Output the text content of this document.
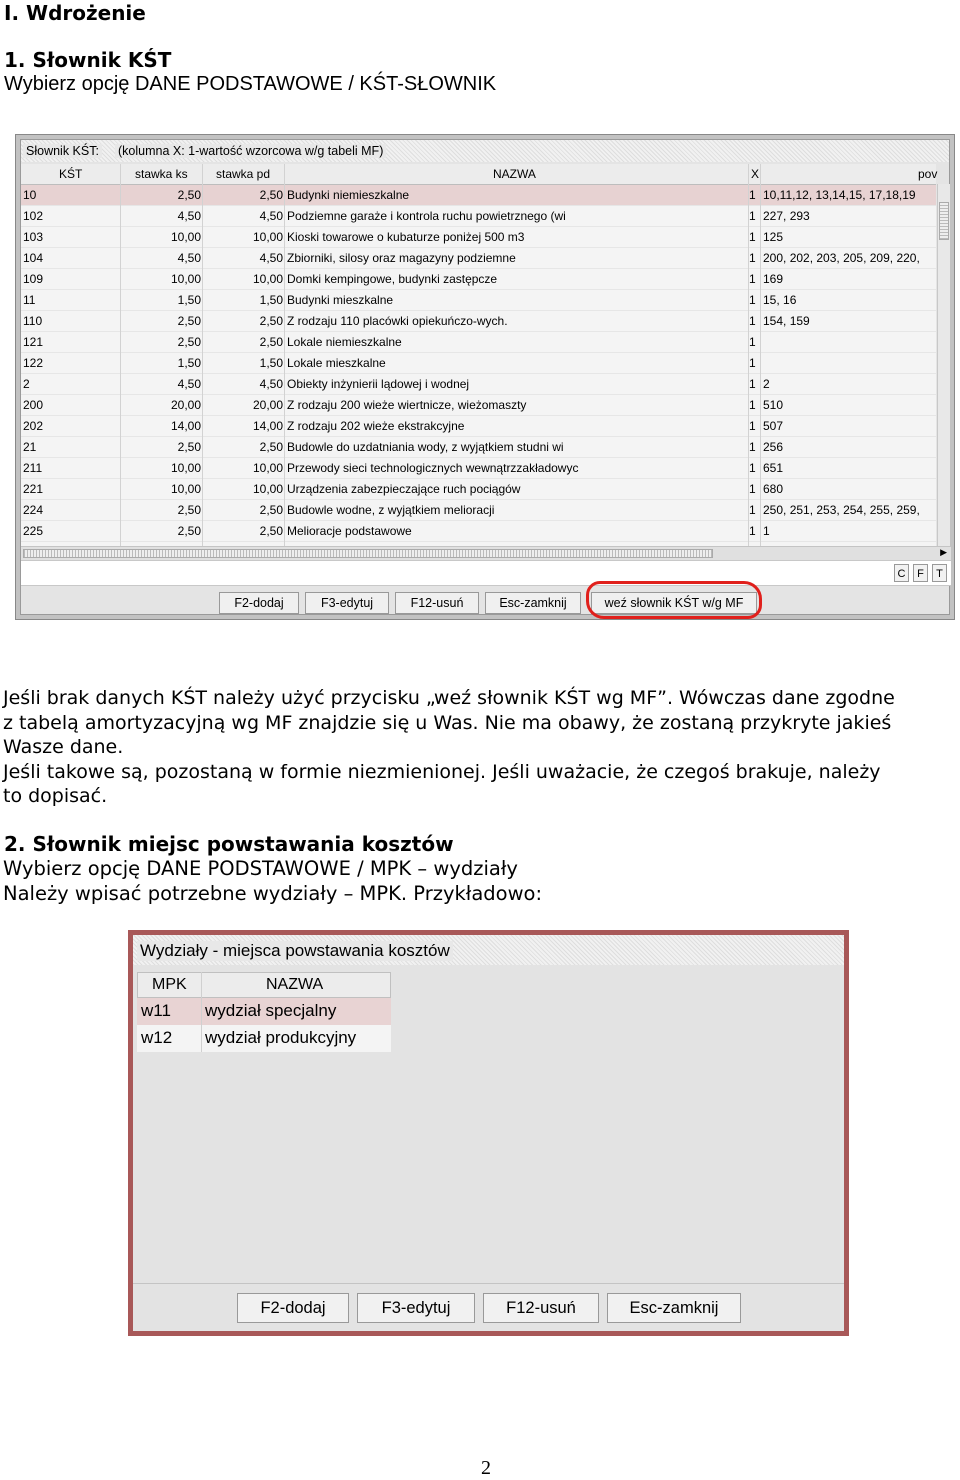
I. Wdrożenie
1. Słownik KŚT
Wybierz opcję DANE PODSTAWOWE / KŚT-SŁOWNIK
Słownik KŚT: (kolumna X: 1-wartość wzorcowa w/g tabeli MF)
KŚT	stawka ks stawka pd	NAZWA	X	pov
10	2,50	2,50 Budynki niemieszkalne	1 10,11,12, 13,14,15, 17,18,19
102	4,50	4,50 Podziemne garaże i kontrola ruchu powietrznego (wi	1 227, 293
103	10,00	10,00 Kioski towarowe o kubaturze poniżej 500 m3	1 125
104	4,50	4,50 Zbiorniki, silosy oraz magazyny podziemne	1 200, 202, 203, 205, 209, 220,
109	10,00	10,00 Domki kempingowe, budynki zastępcze	1 169
11	1,50	1,50 Budynki mieszkalne	1 15, 16
110	2,50	2,50 Z rodzaju 110 placówki opiekuńczo-wych.	1 154, 159
121	2,50	2,50 Lokale niemieszkalne	1
122	1,50	1,50 Lokale mieszkalne	1
2	4,50	4,50 Obiekty inżynierii lądowej i wodnej	1 2
200	20,00	20,00 Z rodzaju 200 wieże wiertnicze, wieżomaszty	1 510
202	14,00	14,00 Z rodzaju 202 wieże ekstrakcyjne	1 507
21	2,50	2,50 Budowle do uzdatniania wody, z wyjątkiem studni wi	1 256
211	10,00	10,00 Przewody sieci technologicznych wewnątrzzakładowyc	1 651
221	10,00	10,00 Urządzenia zabezpieczające ruch pociągów	1 680
224	2,50	2,50 Budowle wodne, z wyjątkiem melioracji	1 250, 251, 253, 254, 255, 259,
225	2,50	2,50 Melioracje podstawowe	1 1
▶
C	F	T
F2-dodaj	F3-edytuj	F12-usuń	Esc-zamknij	weź słownik KŚT w/g MF
Jeśli brak danych KŚT należy użyć przycisku „weź słownik KŚT wg MF”. Wówczas dane zgodne
z tabelą amortyzacyjną wg MF znajdzie się u Was. Nie ma obawy, że zostaną przykryte jakieś
Wasze dane.
Jeśli takowe są, pozostaną w formie niezmienionej. Jeśli uważacie, że czegoś brakuje, należy
to dopisać.
2. Słownik miejsc powstawania kosztów
Wybierz opcję DANE PODSTAWOWE / MPK – wydziały
Należy wpisać potrzebne wydziały – MPK. Przykładowo:
Wydziały - miejsca powstawania kosztów
MPK	NAZWA
w11 wydział specjalny
w12 wydział produkcyjny
F2-dodaj	F3-edytuj	F12-usuń	Esc-zamknij
2
